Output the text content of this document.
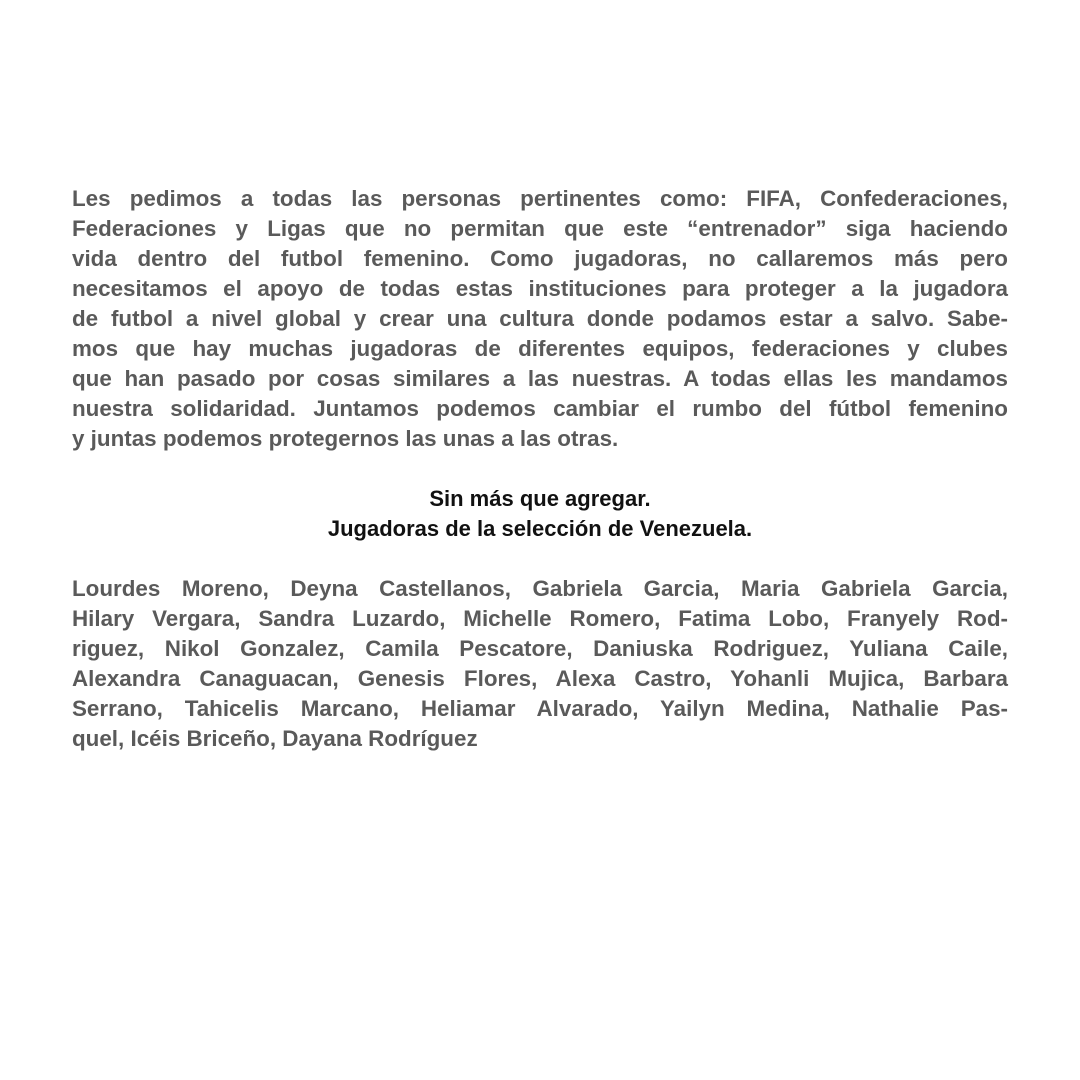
Les pedimos a todas las personas pertinentes como: FIFA, Confederaciones,
Federaciones y Ligas que no permitan que este “entrenador” siga haciendo
vida dentro del futbol femenino. Como jugadoras, no callaremos más pero
necesitamos el apoyo de todas estas instituciones para proteger a la jugadora
de futbol a nivel global y crear una cultura donde podamos estar a salvo. Sabe-
mos que hay muchas jugadoras de diferentes equipos, federaciones y clubes
que han pasado por cosas similares a las nuestras. A todas ellas les mandamos
nuestra solidaridad. Juntamos podemos cambiar el rumbo del fútbol femenino
y juntas podemos protegernos las unas a las otras.
Sin más que agregar.
Jugadoras de la selección de Venezuela.
Lourdes Moreno, Deyna Castellanos, Gabriela Garcia, Maria Gabriela Garcia,
Hilary Vergara, Sandra Luzardo, Michelle Romero, Fatima Lobo, Franyely Rod-
riguez, Nikol Gonzalez, Camila Pescatore, Daniuska Rodriguez, Yuliana Caile,
Alexandra Canaguacan, Genesis Flores, Alexa Castro, Yohanli Mujica, Barbara
Serrano, Tahicelis Marcano, Heliamar Alvarado, Yailyn Medina, Nathalie Pas-
quel, Icéis Briceño, Dayana Rodríguez
